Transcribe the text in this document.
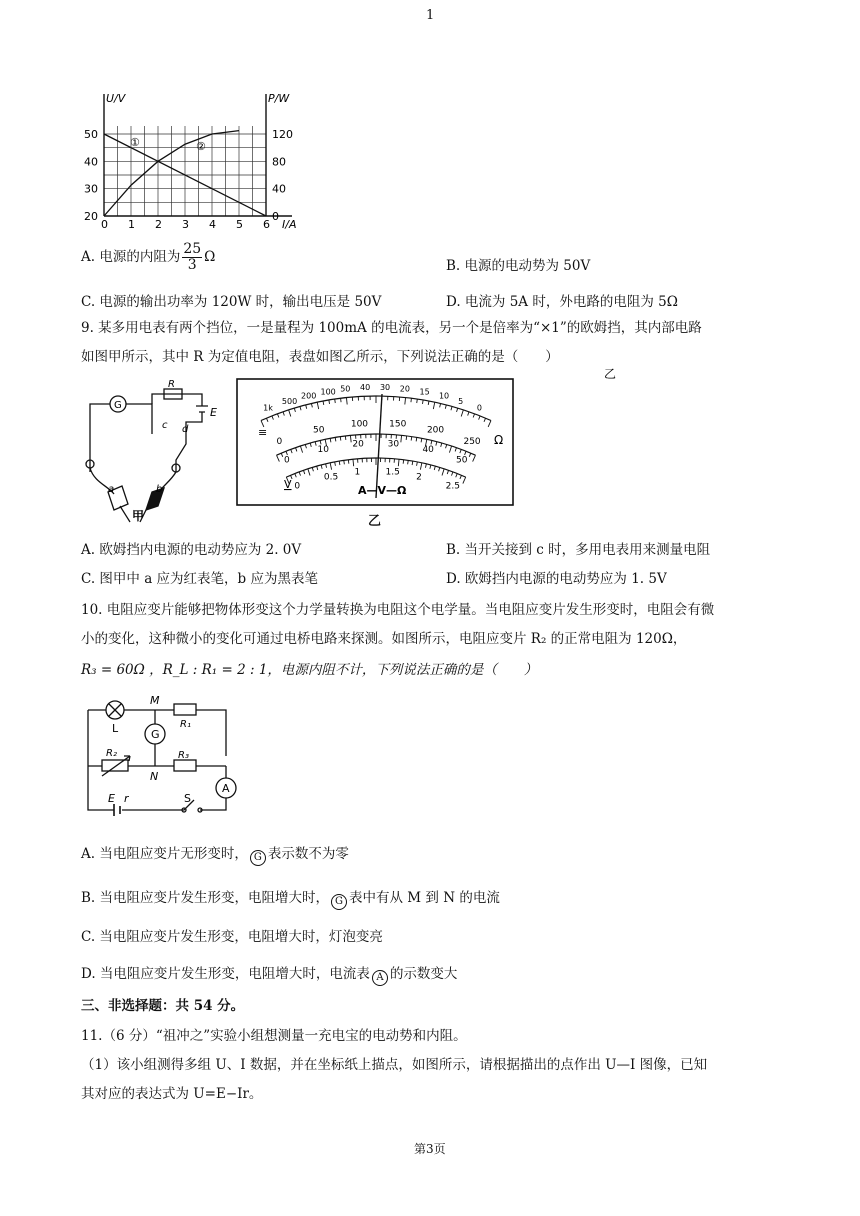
1
0 1 2 3 4 5 6
20
30
40
50
0
40
80
120
U/V	P/W
I/A
①	②
A. 电源的内阻为 $\frac{25}{3}$ Ω
B. 电源的电动势为 50V
C. 电源的输出功率为 120W 时，输出电压是 50V	D. 电流为 5A 时，外电路的电阻为 5Ω
9. 某多用电表有两个挡位，一是量程为 100mA 的电流表，另一个是倍率为“×1”的欧姆挡，其内部电路
如图甲所示，其中 R 为定值电阻，表盘如图乙所示，下列说法正确的是（　　）
G
R
E
c d
a	b
甲
1k
500
200 100 50 40 30 20 15 10
5
0
0
50
100 150
200
250
0
10
20	30
40
50
0
0.5 1	1.5 2
2.5
Ω
V	A—V—Ω
≡
乙
乙
A. 欧姆挡内电源的电动势应为 2. 0V	B. 当开关接到 c 时，多用电表用来测量电阻
C. 图甲中 a 应为红表笔，b 应为黑表笔	D. 欧姆挡内电源的电动势应为 1. 5V
10. 电阻应变片能够把物体形变这个力学量转换为电阻这个电学量。当电阻应变片发生形变时，电阻会有微
小的变化，这种微小的变化可通过电桥电路来探测。如图所示，电阻应变片 R₂ 的正常电阻为 120Ω，
R₃ = 60Ω ，R_L : R₁ = 2 : 1，电源内阻不计，下列说法正确的是（　　）
L
M
R₁
G
R₂	R₃
N
A
E r	S
A. 当电阻应变片无形变时， G 表示数不为零
B. 当电阻应变片发生形变，电阻增大时， G 表中有从 M 到 N 的电流
C. 当电阻应变片发生形变，电阻增大时，灯泡变亮
D. 当电阻应变片发生形变，电阻增大时，电流表 A 的示数变大
三、非选择题：共 54 分。
11.（6 分）“祖冲之”实验小组想测量一充电宝的电动势和内阻。
（1）该小组测得多组 U、I 数据，并在坐标纸上描点，如图所示，请根据描出的点作出 U—I 图像，已知
其对应的表达式为 U=E−Ir。
第3页
